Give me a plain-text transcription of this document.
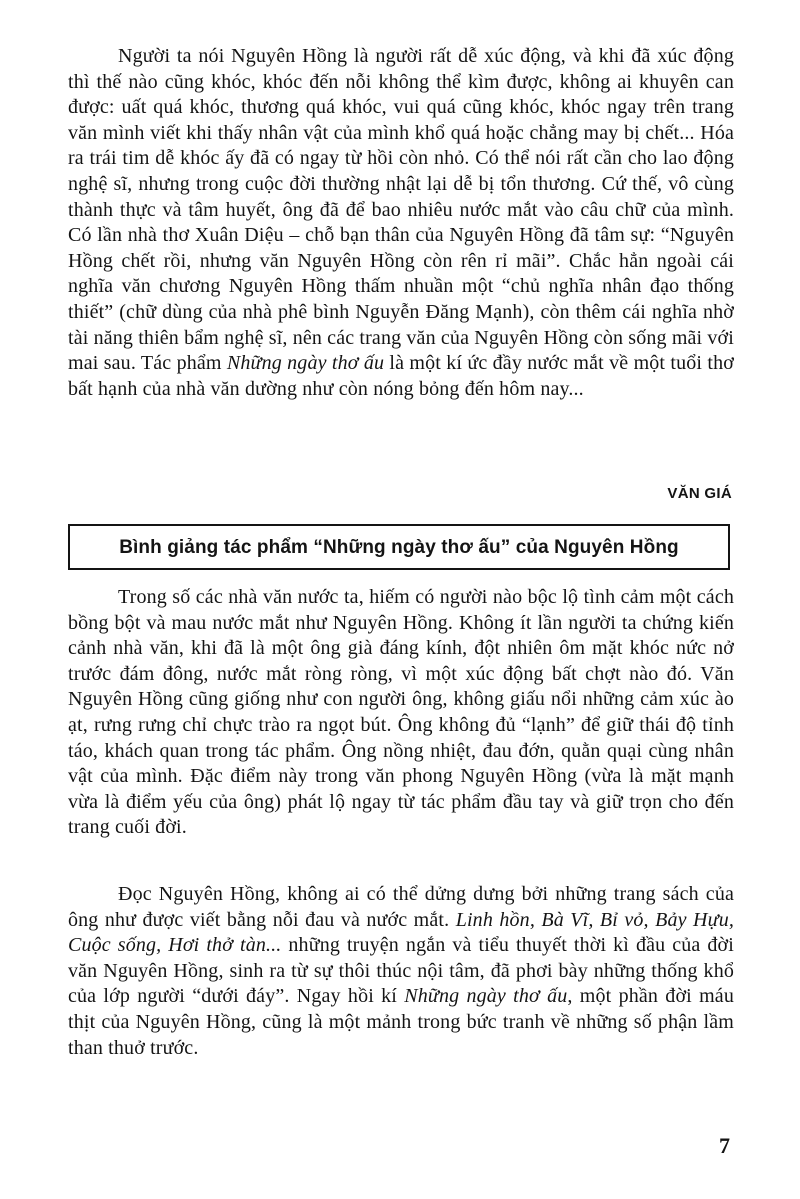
Người ta nói Nguyên Hồng là người rất dễ xúc động, và khi đã xúc động thì thế nào cũng khóc, khóc đến nỗi không thể kìm được, không ai khuyên can được: uất quá khóc, thương quá khóc, vui quá cũng khóc, khóc ngay trên trang văn mình viết khi thấy nhân vật của mình khổ quá hoặc chẳng may bị chết... Hóa ra trái tim dễ khóc ấy đã có ngay từ hồi còn nhỏ. Có thể nói rất cần cho lao động nghệ sĩ, nhưng trong cuộc đời thường nhật lại dễ bị tổn thương. Cứ thế, vô cùng thành thực và tâm huyết, ông đã để bao nhiêu nước mắt vào câu chữ của mình. Có lần nhà thơ Xuân Diệu – chỗ bạn thân của Nguyên Hồng đã tâm sự: “Nguyên Hồng chết rồi, nhưng văn Nguyên Hồng còn rên rỉ mãi”. Chắc hẳn ngoài cái nghĩa văn chương Nguyên Hồng thấm nhuần một “chủ nghĩa nhân đạo thống thiết” (chữ dùng của nhà phê bình Nguyễn Đăng Mạnh), còn thêm cái nghĩa nhờ tài năng thiên bẩm nghệ sĩ, nên các trang văn của Nguyên Hồng còn sống mãi với mai sau. Tác phẩm Những ngày thơ ấu là một kí ức đầy nước mắt về một tuổi thơ bất hạnh của nhà văn dường như còn nóng bỏng đến hôm nay...

VĂN GIÁ
Bình giảng tác phẩm “Những ngày thơ ấu” của Nguyên Hồng

Trong số các nhà văn nước ta, hiếm có người nào bộc lộ tình cảm một cách bồng bột và mau nước mắt như Nguyên Hồng. Không ít lần người ta chứng kiến cảnh nhà văn, khi đã là một ông già đáng kính, đột nhiên ôm mặt khóc nức nở trước đám đông, nước mắt ròng ròng, vì một xúc động bất chợt nào đó. Văn Nguyên Hồng cũng giống như con người ông, không giấu nổi những cảm xúc ào ạt, rưng rưng chỉ chực trào ra ngọt bút. Ông không đủ “lạnh” để giữ thái độ tỉnh táo, khách quan trong tác phẩm. Ông nồng nhiệt, đau đớn, quằn quại cùng nhân vật của mình. Đặc điểm này trong văn phong Nguyên Hồng (vừa là mặt mạnh vừa là điểm yếu của ông) phát lộ ngay từ tác phẩm đầu tay và giữ trọn cho đến trang cuối đời.

Đọc Nguyên Hồng, không ai có thể dửng dưng bởi những trang sách của ông như được viết bằng nỗi đau và nước mắt. Linh hồn, Bà Vĩ, Bỉ vỏ, Bảy Hựu, Cuộc sống, Hơi thở tàn... những truyện ngắn và tiểu thuyết thời kì đầu của đời văn Nguyên Hồng, sinh ra từ sự thôi thúc nội tâm, đã phơi bày những thống khổ của lớp người “dưới đáy”. Ngay hồi kí Những ngày thơ ấu, một phần đời máu thịt của Nguyên Hồng, cũng là một mảnh trong bức tranh về những số phận lầm than thuở trước.

7
